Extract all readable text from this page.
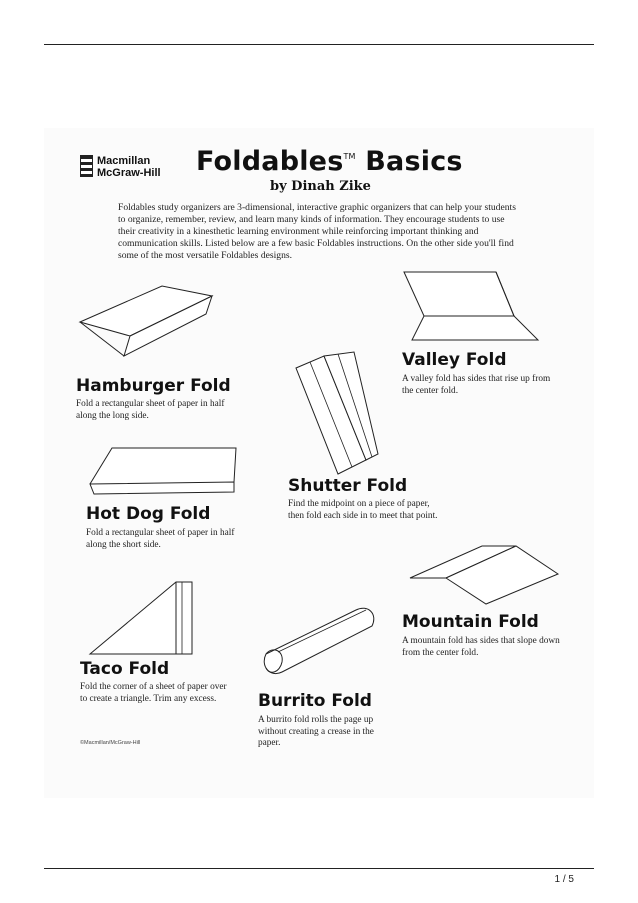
Macmillan
McGraw-Hill Foldables™ Basics
by Dinah Zike
Foldables study organizers are 3-dimensional, interactive graphic organizers that can help your students to organize, remember, review, and learn many kinds of information. They encourage students to use their creativity in a kinesthetic learning environment while reinforcing important thinking and communication skills. Listed below are a few basic Foldables instructions. On the other side you'll find some of the most versatile Foldables designs.
Hamburger Fold
Fold a rectangular sheet of paper in half along the long side.
Hot Dog Fold
Fold a rectangular sheet of paper in half along the short side.
Taco Fold
Fold the corner of a sheet of paper over to create a triangle. Trim any excess.
Shutter Fold
Find the midpoint on a piece of paper, then fold each side in to meet that point.
Burrito Fold
A burrito fold rolls the page up without creating a crease in the paper.
Valley Fold
A valley fold has sides that rise up from the center fold.
Mountain Fold
A mountain fold has sides that slope down from the center fold.
©Macmillan/McGraw-Hill
1 / 5
